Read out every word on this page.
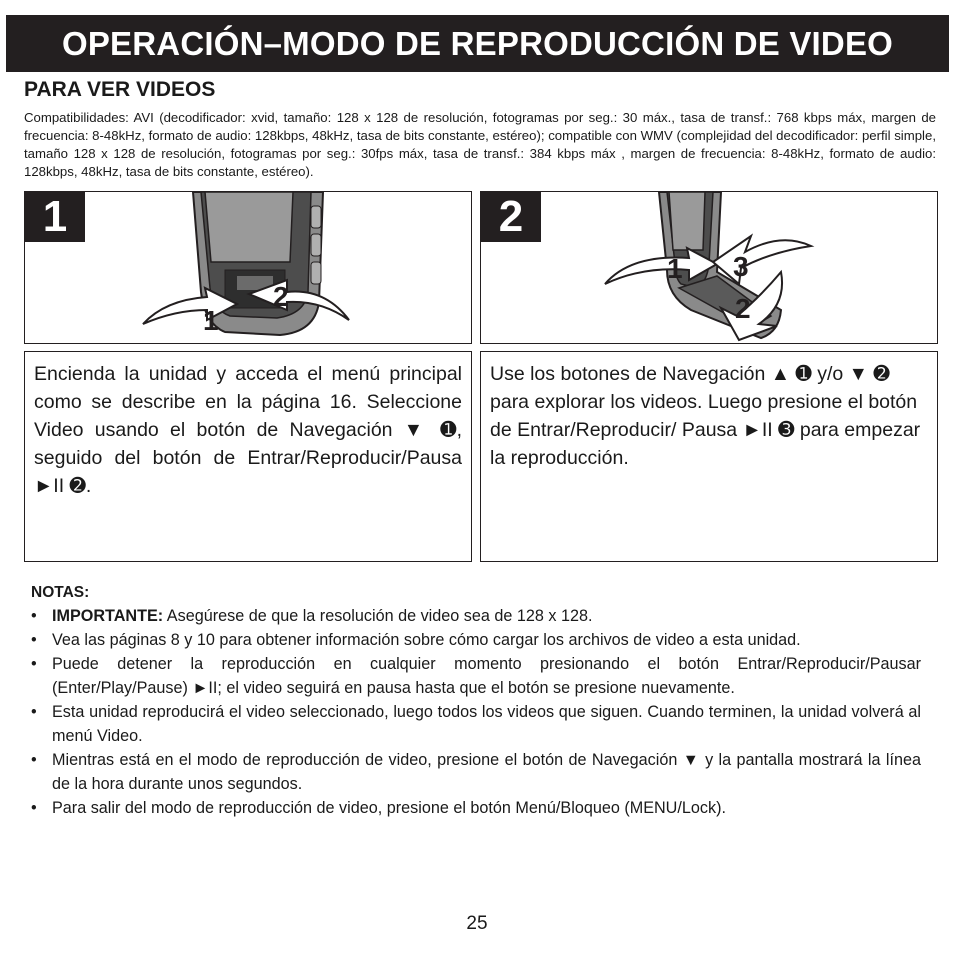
OPERACIÓN–MODO DE REPRODUCCIÓN DE VIDEO
PARA VER VIDEOS

Compatibilidades: AVI (decodificador: xvid, tamaño: 128 x 128 de resolución, fotogramas por seg.: 30 máx., tasa de transf.: 768 kbps máx, margen de frecuencia: 8-48kHz, formato de audio: 128kbps, 48kHz, tasa de bits constante, estéreo); compatible con WMV (complejidad del decodificador: perfil simple, tamaño 128 x 128 de resolución, fotogramas por seg.: 30fps máx, tasa de transf.: 384 kbps máx , margen de frecuencia: 8-48kHz, formato de audio: 128kbps, 48kHz, tasa de bits constante, estéreo).

1
1
2
2
1 3
2

Encienda la unidad y acceda el menú principal como se describe en la página 16. Seleccione Video usando el botón de Navegación ▼ ➊, seguido del botón de Entrar/Reproducir/Pausa ►II ➋.

Use los botones de Navegación ▲ ➊ y/o ▼ ➋ para explorar los videos. Luego presione el botón de Entrar/Reproducir/ Pausa ►II ➌ para empezar la reproducción.

NOTAS:

• IMPORTANTE: Asegúrese de que la resolución de video sea de 128 x 128.
• Vea las páginas 8 y 10 para obtener información sobre cómo cargar los archivos de video a esta unidad.
• Puede detener la reproducción en cualquier momento presionando el botón Entrar/Reproducir/Pausar (Enter/Play/Pause) ►II; el video seguirá en pausa hasta que el botón se presione nuevamente.
• Esta unidad reproducirá el video seleccionado, luego todos los videos que siguen. Cuando terminen, la unidad volverá al menú Video.
• Mientras está en el modo de reproducción de video, presione el botón de Navegación ▼ y la pantalla mostrará la línea de la hora durante unos segundos.
• Para salir del modo de reproducción de video, presione el botón Menú/Bloqueo (MENU/Lock).
25
